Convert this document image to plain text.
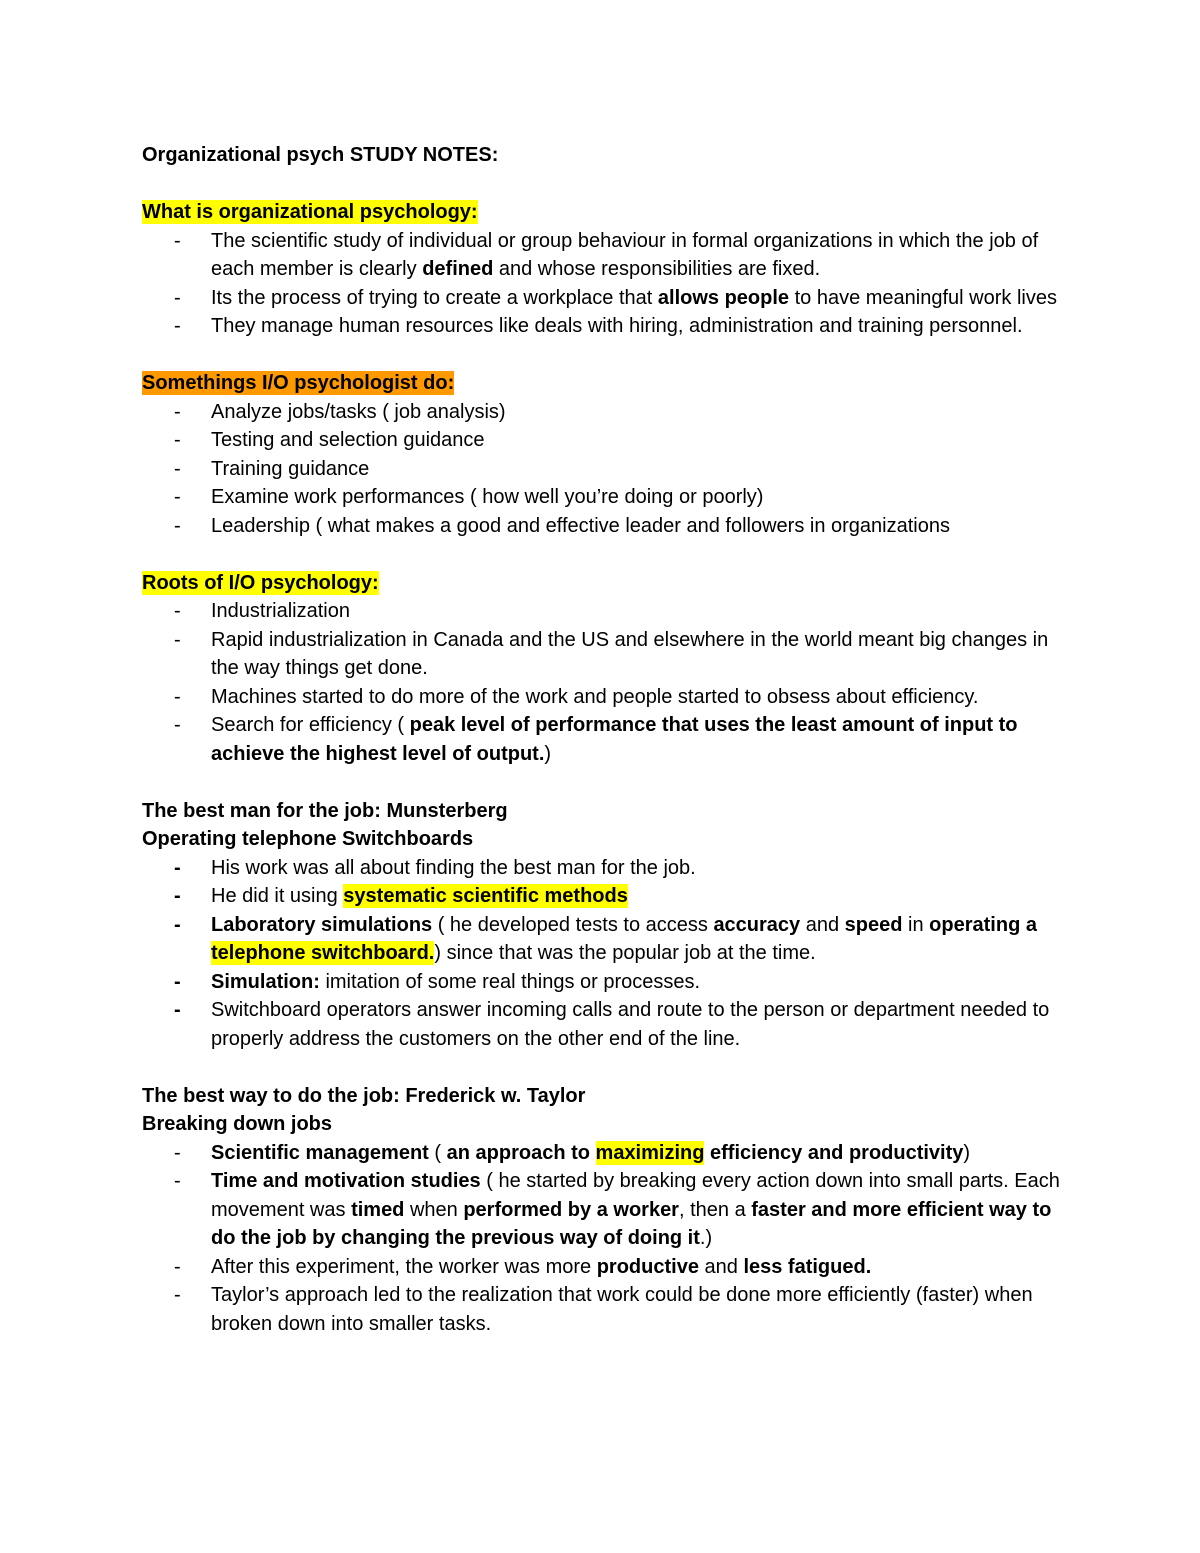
Organizational psych STUDY NOTES:

What is organizational psychology:

- The scientific study of individual or group behaviour in formal organizations in which the job of each member is clearly defined and whose responsibilities are fixed.
- Its the process of trying to create a workplace that allows people to have meaningful work lives
- They manage human resources like deals with hiring, administration and training personnel.

Somethings I/O psychologist do:

- Analyze jobs/tasks ( job analysis)
- Testing and selection guidance
- Training guidance
- Examine work performances ( how well you’re doing or poorly)
- Leadership ( what makes a good and effective leader and followers in organizations

Roots of I/O psychology:

- Industrialization
- Rapid industrialization in Canada and the US and elsewhere in the world meant big changes in the way things get done.
- Machines started to do more of the work and people started to obsess about efficiency.
- Search for efficiency ( peak level of performance that uses the least amount of input to achieve the highest level of output.)

The best man for the job: Munsterberg

Operating telephone Switchboards

- His work was all about finding the best man for the job.
- He did it using systematic scientific methods
- Laboratory simulations ( he developed tests to access accuracy and speed in operating a telephone switchboard.) since that was the popular job at the time.
- Simulation: imitation of some real things or processes.
- Switchboard operators answer incoming calls and route to the person or department needed to properly address the customers on the other end of the line.

The best way to do the job: Frederick w. Taylor

Breaking down jobs

- Scientific management ( an approach to maximizing efficiency and productivity)
- Time and motivation studies ( he started by breaking every action down into small parts. Each movement was timed when performed by a worker, then a faster and more efficient way to do the job by changing the previous way of doing it.)
- After this experiment, the worker was more productive and less fatigued.
- Taylor’s approach led to the realization that work could be done more efficiently (faster) when broken down into smaller tasks.
